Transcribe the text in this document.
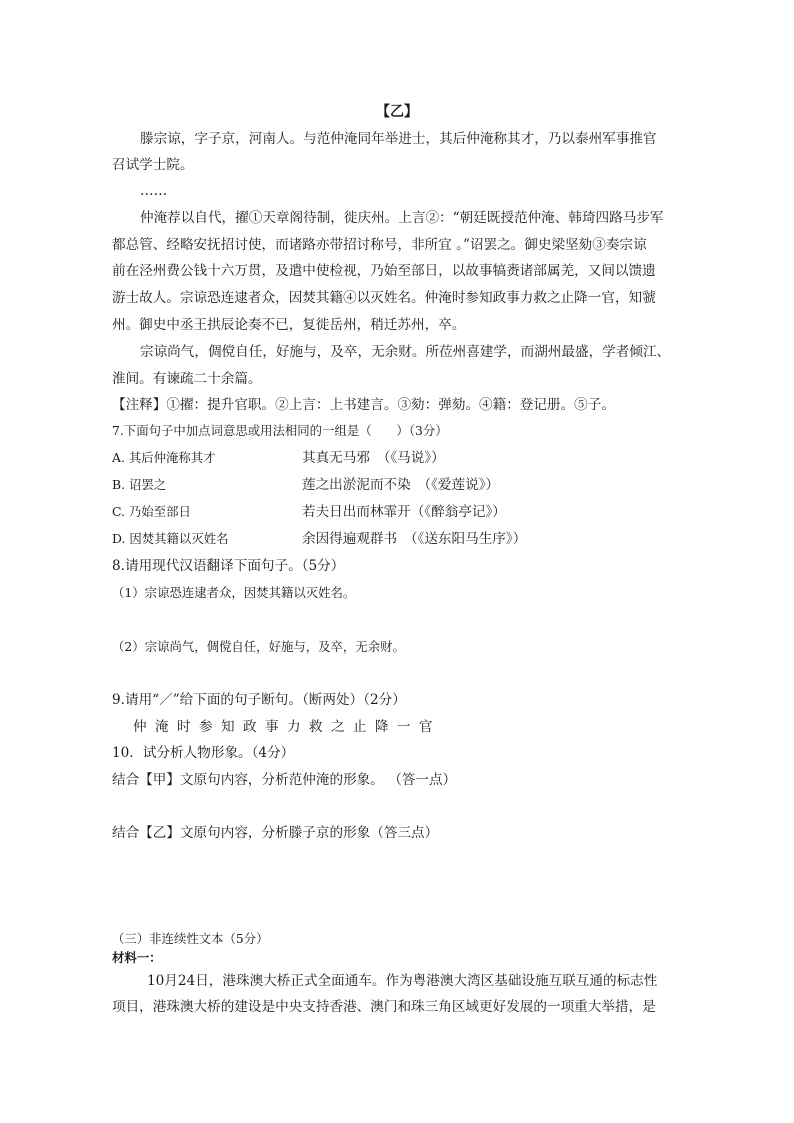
【乙】
滕宗谅，字子京，河南人。与范仲淹同年举进士，其后仲淹称其才，乃以泰州军事推官
召试学士院。
……
仲淹荐以自代，擢①天章阁待制，徙庆州。上言②：“朝廷既授范仲淹、韩琦四路马步军
都总管、经略安抚招讨使，而诸路亦带招讨称号，非所宜 。”诏罢之。御史梁坚劾③奏宗谅
前在泾州费公钱十六万贯，及遣中使检视，乃始至部日，以故事犒赉诸部属羌，又间以馈遗
游士故人。宗谅恐连逮者众，因焚其籍④以灭姓名。仲淹时参知政事力救之止降一官，知虢
州。御史中丞王拱辰论奏不已，复徙岳州，稍迁苏州，卒。
宗谅尚气，倜傥自任，好施与，及卒，无余财。所莅州喜建学，而湖州最盛，学者倾江、
淮间。有谏疏二十余篇。
【注释】①擢：提升官职。②上言：上书建言。③劾：弹劾。④籍：登记册。⑤子。
7.下面句子中加点词意思或用法相同的一组是（　　）（3分）
A. 其后仲淹称其才	其真无马邪　（《马说》）
B. 诏罢之	莲之出淤泥而不染　（《爱莲说》）
C. 乃始至部日	若夫日出而林霏开（《醉翁亭记》）
D. 因焚其籍以灭姓名	余因得遍观群书　（《送东阳马生序》）
8.请用现代汉语翻译下面句子。（5分）
（1）宗谅恐连逮者众，因焚其籍以灭姓名。
（2）宗谅尚气，倜傥自任，好施与，及卒，无余财。
9.请用“／”给下面的句子断句。（断两处）（2分）
仲淹时参知政事力救之止降一官
10．试分析人物形象。（4分）
结合【甲】文原句内容，分析范仲淹的形象。 （答一点）
结合【乙】文原句内容，分析滕子京的形象（答三点）
（三）非连续性文本（5分）
材料一：
10月24日，港珠澳大桥正式全面通车。作为粤港澳大湾区基础设施互联互通的标志性
项目，港珠澳大桥的建设是中央支持香港、澳门和珠三角区域更好发展的一项重大举措，是
